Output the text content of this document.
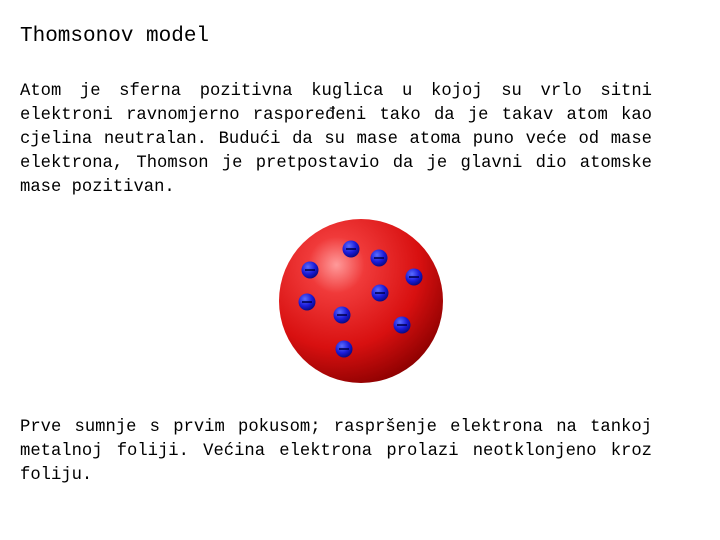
Thomsonov model
Atom je sferna pozitivna kuglica u kojoj su vrlo sitni elektroni ravnomjerno raspoređeni tako da je takav atom kao cjelina neutralan. Budući da su mase atoma puno veće od mase elektrona, Thomson je pretpostavio da je glavni dio atomske mase pozitivan.
Prve sumnje s prvim pokusom; raspršenje elektrona na tankoj metalnoj foliji. Većina elektrona prolazi neotklonjeno kroz foliju.
